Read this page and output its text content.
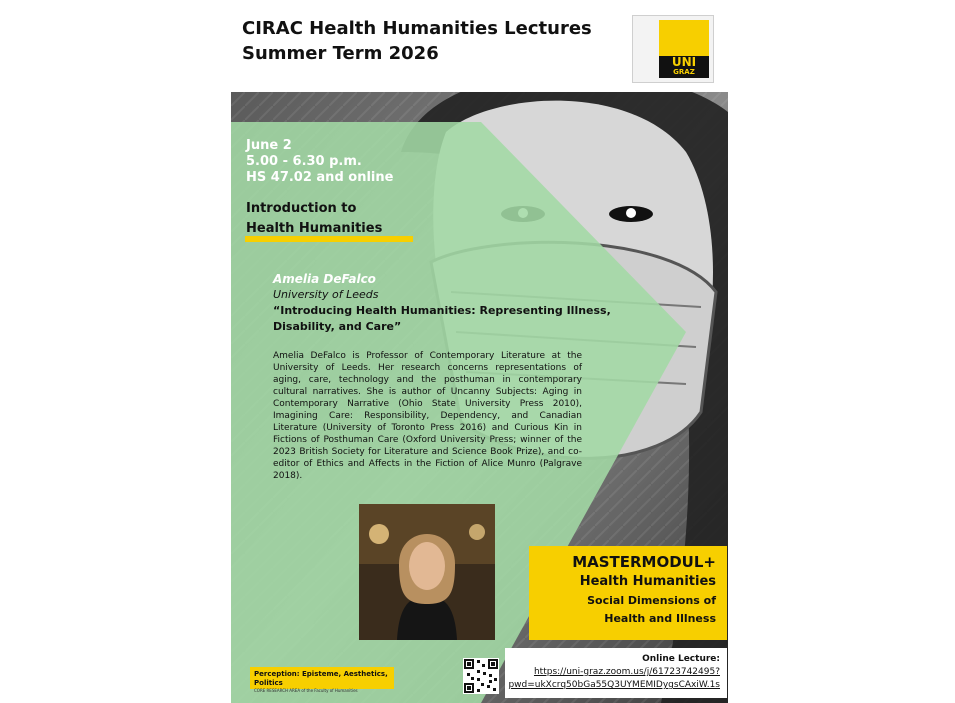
CIRAC Health Humanities Lectures
Summer Term 2026	UNI
GRAZ
June 2
5.00 - 6.30 p.m.
HS 47.02 and online
Introduction to
Health Humanities
Amelia DeFalco
University of Leeds
“Introducing Health Humanities: Representing Illness,
Disability, and Care”
Amelia DeFalco is Professor of Contemporary Literature at the University of Leeds. Her research concerns representations of aging, care, technology and the posthuman in contemporary cultural narratives. She is author of Uncanny Subjects: Aging in Contemporary Narrative (Ohio State University Press 2010), Imagining Care: Responsibility, Dependency, and Canadian Literature (University of Toronto Press 2016) and Curious Kin in Fictions of Posthuman Care (Oxford University Press; winner of the 2023 British Society for Literature and Science Book Prize), and co-editor of Ethics and Affects in the Fiction of Alice Munro (Palgrave 2018).
MASTERMODUL+
Health Humanities
Social Dimensions of
Health and Illness
Online Lecture:
https://uni-graz.zoom.us/j/61723742495?
pwd=ukXcrq50bGa55Q3UYMEMIDygsCAxiW.1s
Perception: Episteme, Aesthetics, Politics
CORE RESEARCH AREA of the Faculty of Humanities
